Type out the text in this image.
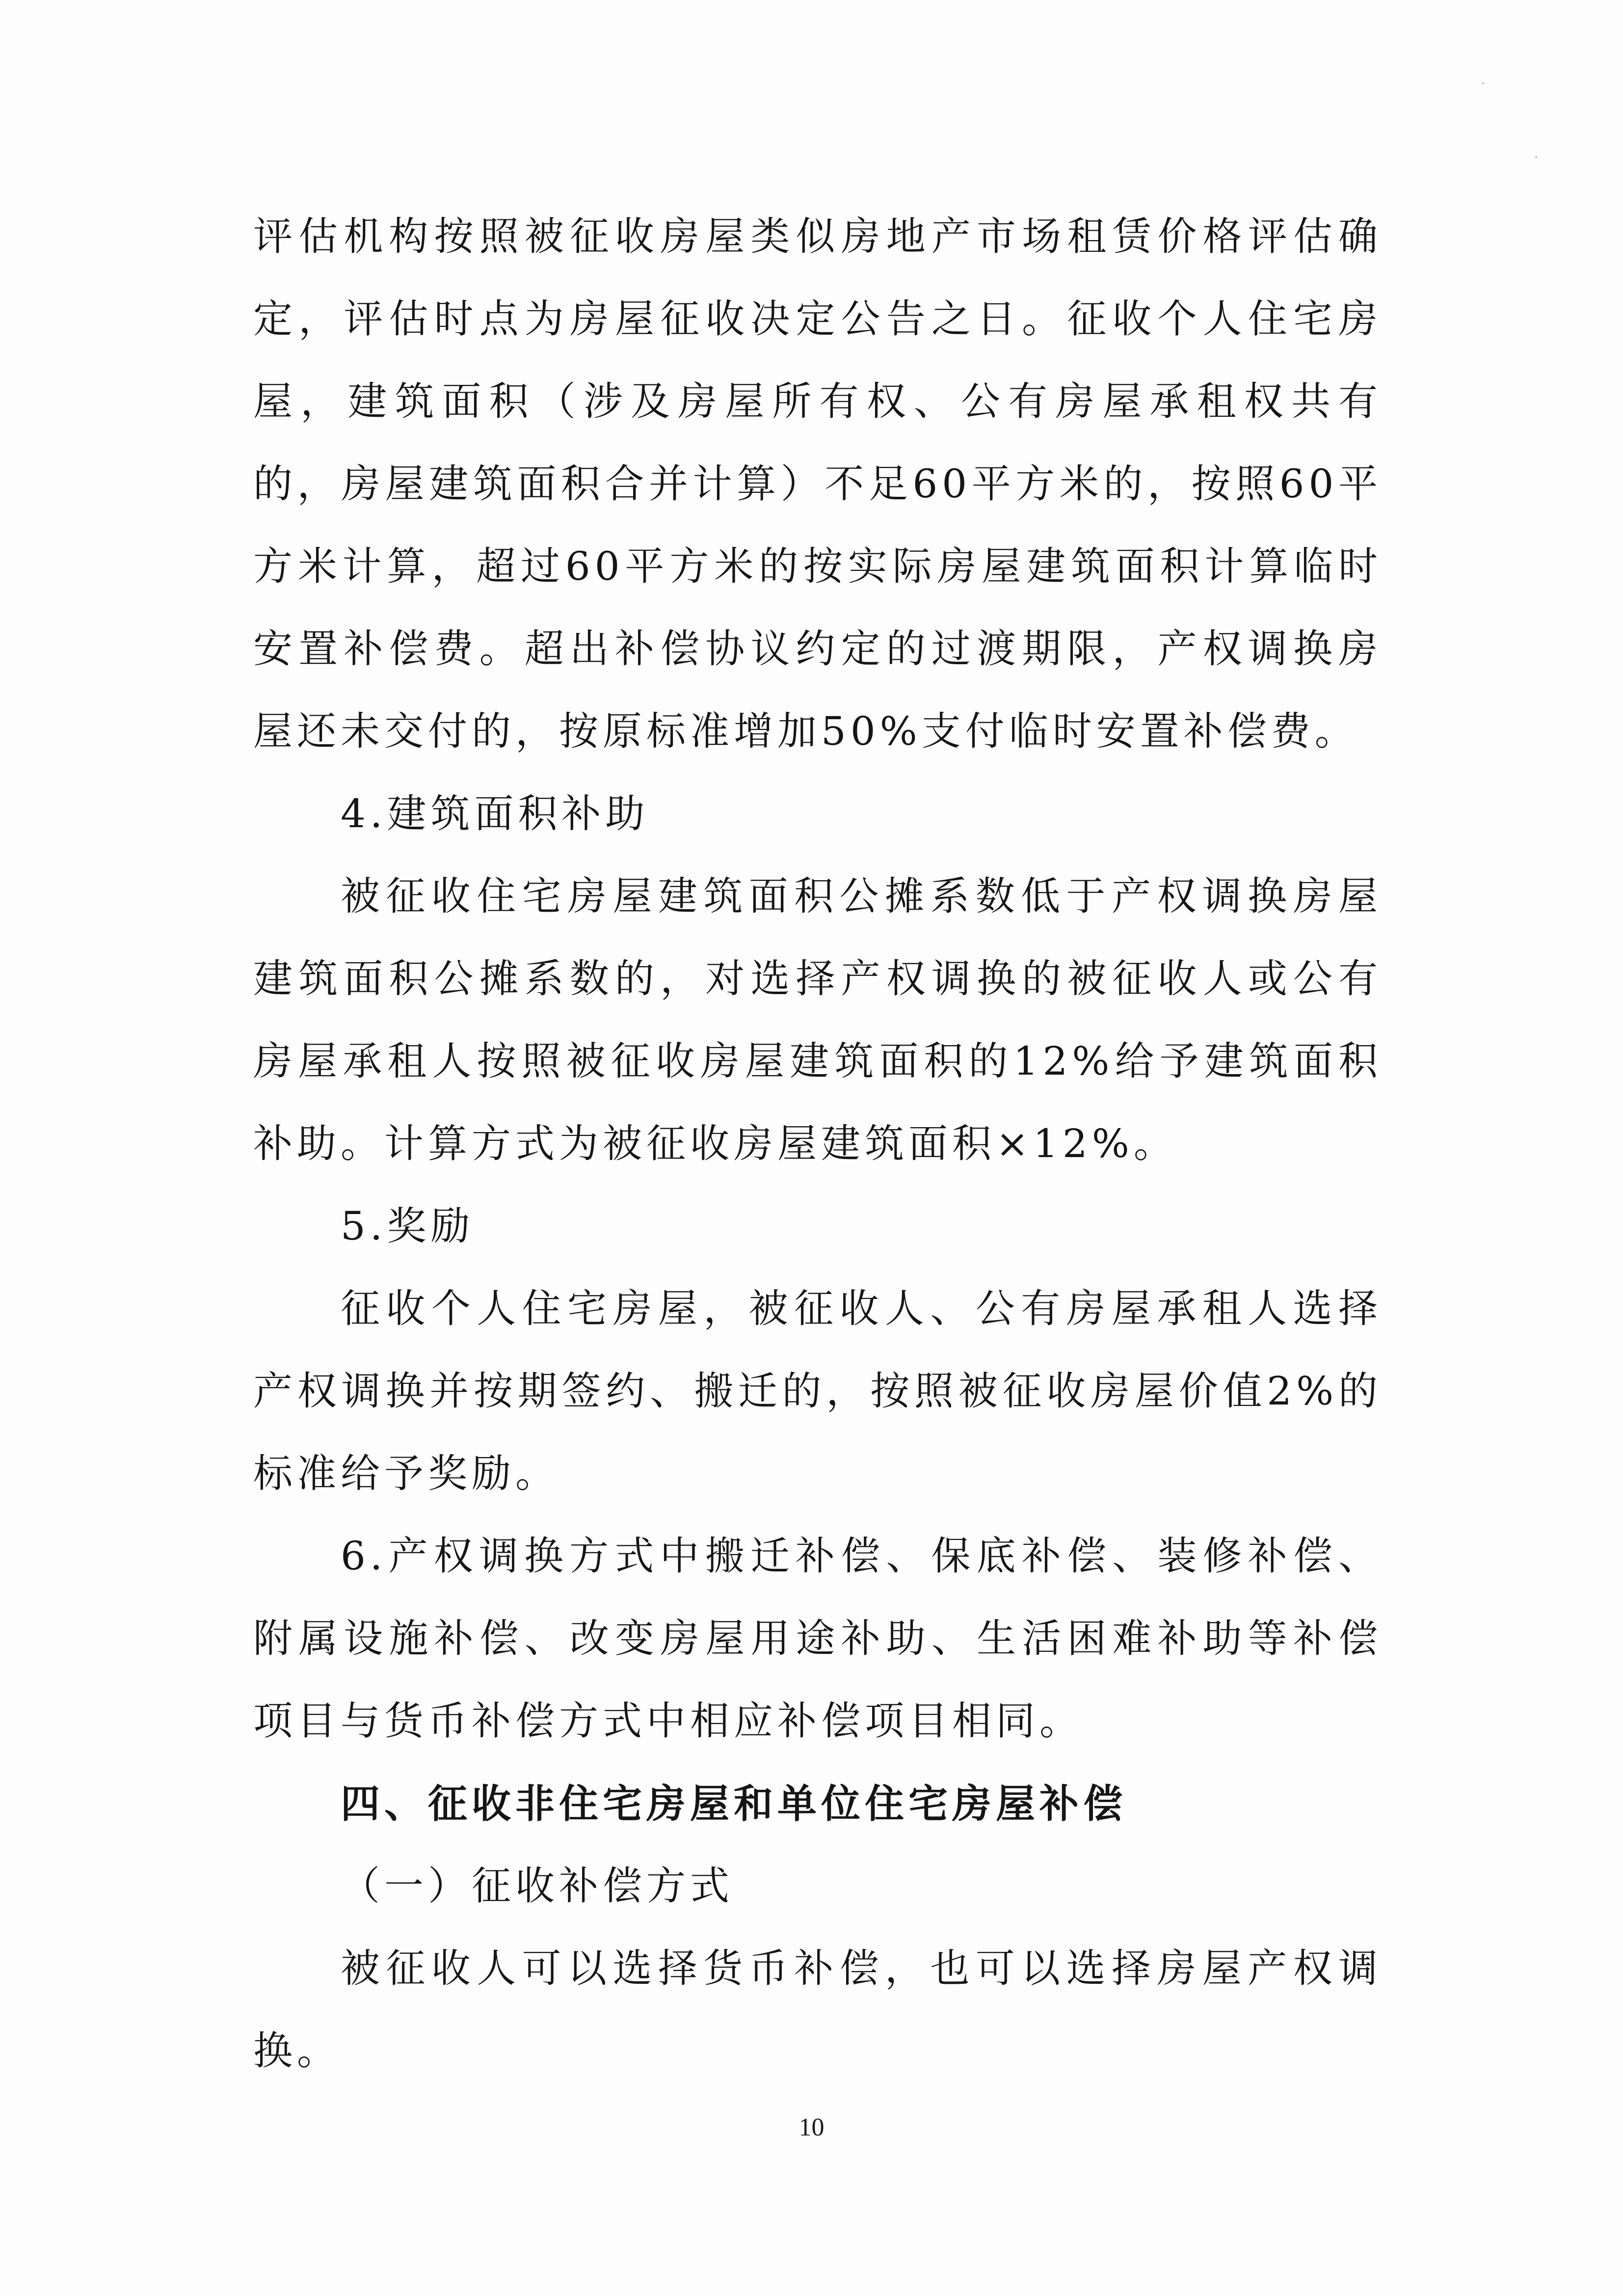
评估机构按照被征收房屋类似房地产市场租赁价格评估确定，评估时点为房屋征收决定公告之日。征收个人住宅房屋，建筑面积（涉及房屋所有权、公有房屋承租权共有的，房屋建筑面积合并计算）不足60平方米的，按照60平方米计算，超过60平方米的按实际房屋建筑面积计算临时安置补偿费。超出补偿协议约定的过渡期限，产权调换房屋还未交付的，按原标准增加50%支付临时安置补偿费。

4.建筑面积补助

被征收住宅房屋建筑面积公摊系数低于产权调换房屋建筑面积公摊系数的，对选择产权调换的被征收人或公有房屋承租人按照被征收房屋建筑面积的12%给予建筑面积补助。计算方式为被征收房屋建筑面积×12%。

5.奖励

征收个人住宅房屋，被征收人、公有房屋承租人选择产权调换并按期签约、搬迁的，按照被征收房屋价值2%的标准给予奖励。

6.产权调换方式中搬迁补偿、保底补偿、装修补偿、附属设施补偿、改变房屋用途补助、生活困难补助等补偿项目与货币补偿方式中相应补偿项目相同。

四、征收非住宅房屋和单位住宅房屋补偿

（一）征收补偿方式

被征收人可以选择货币补偿，也可以选择房屋产权调换。

10
